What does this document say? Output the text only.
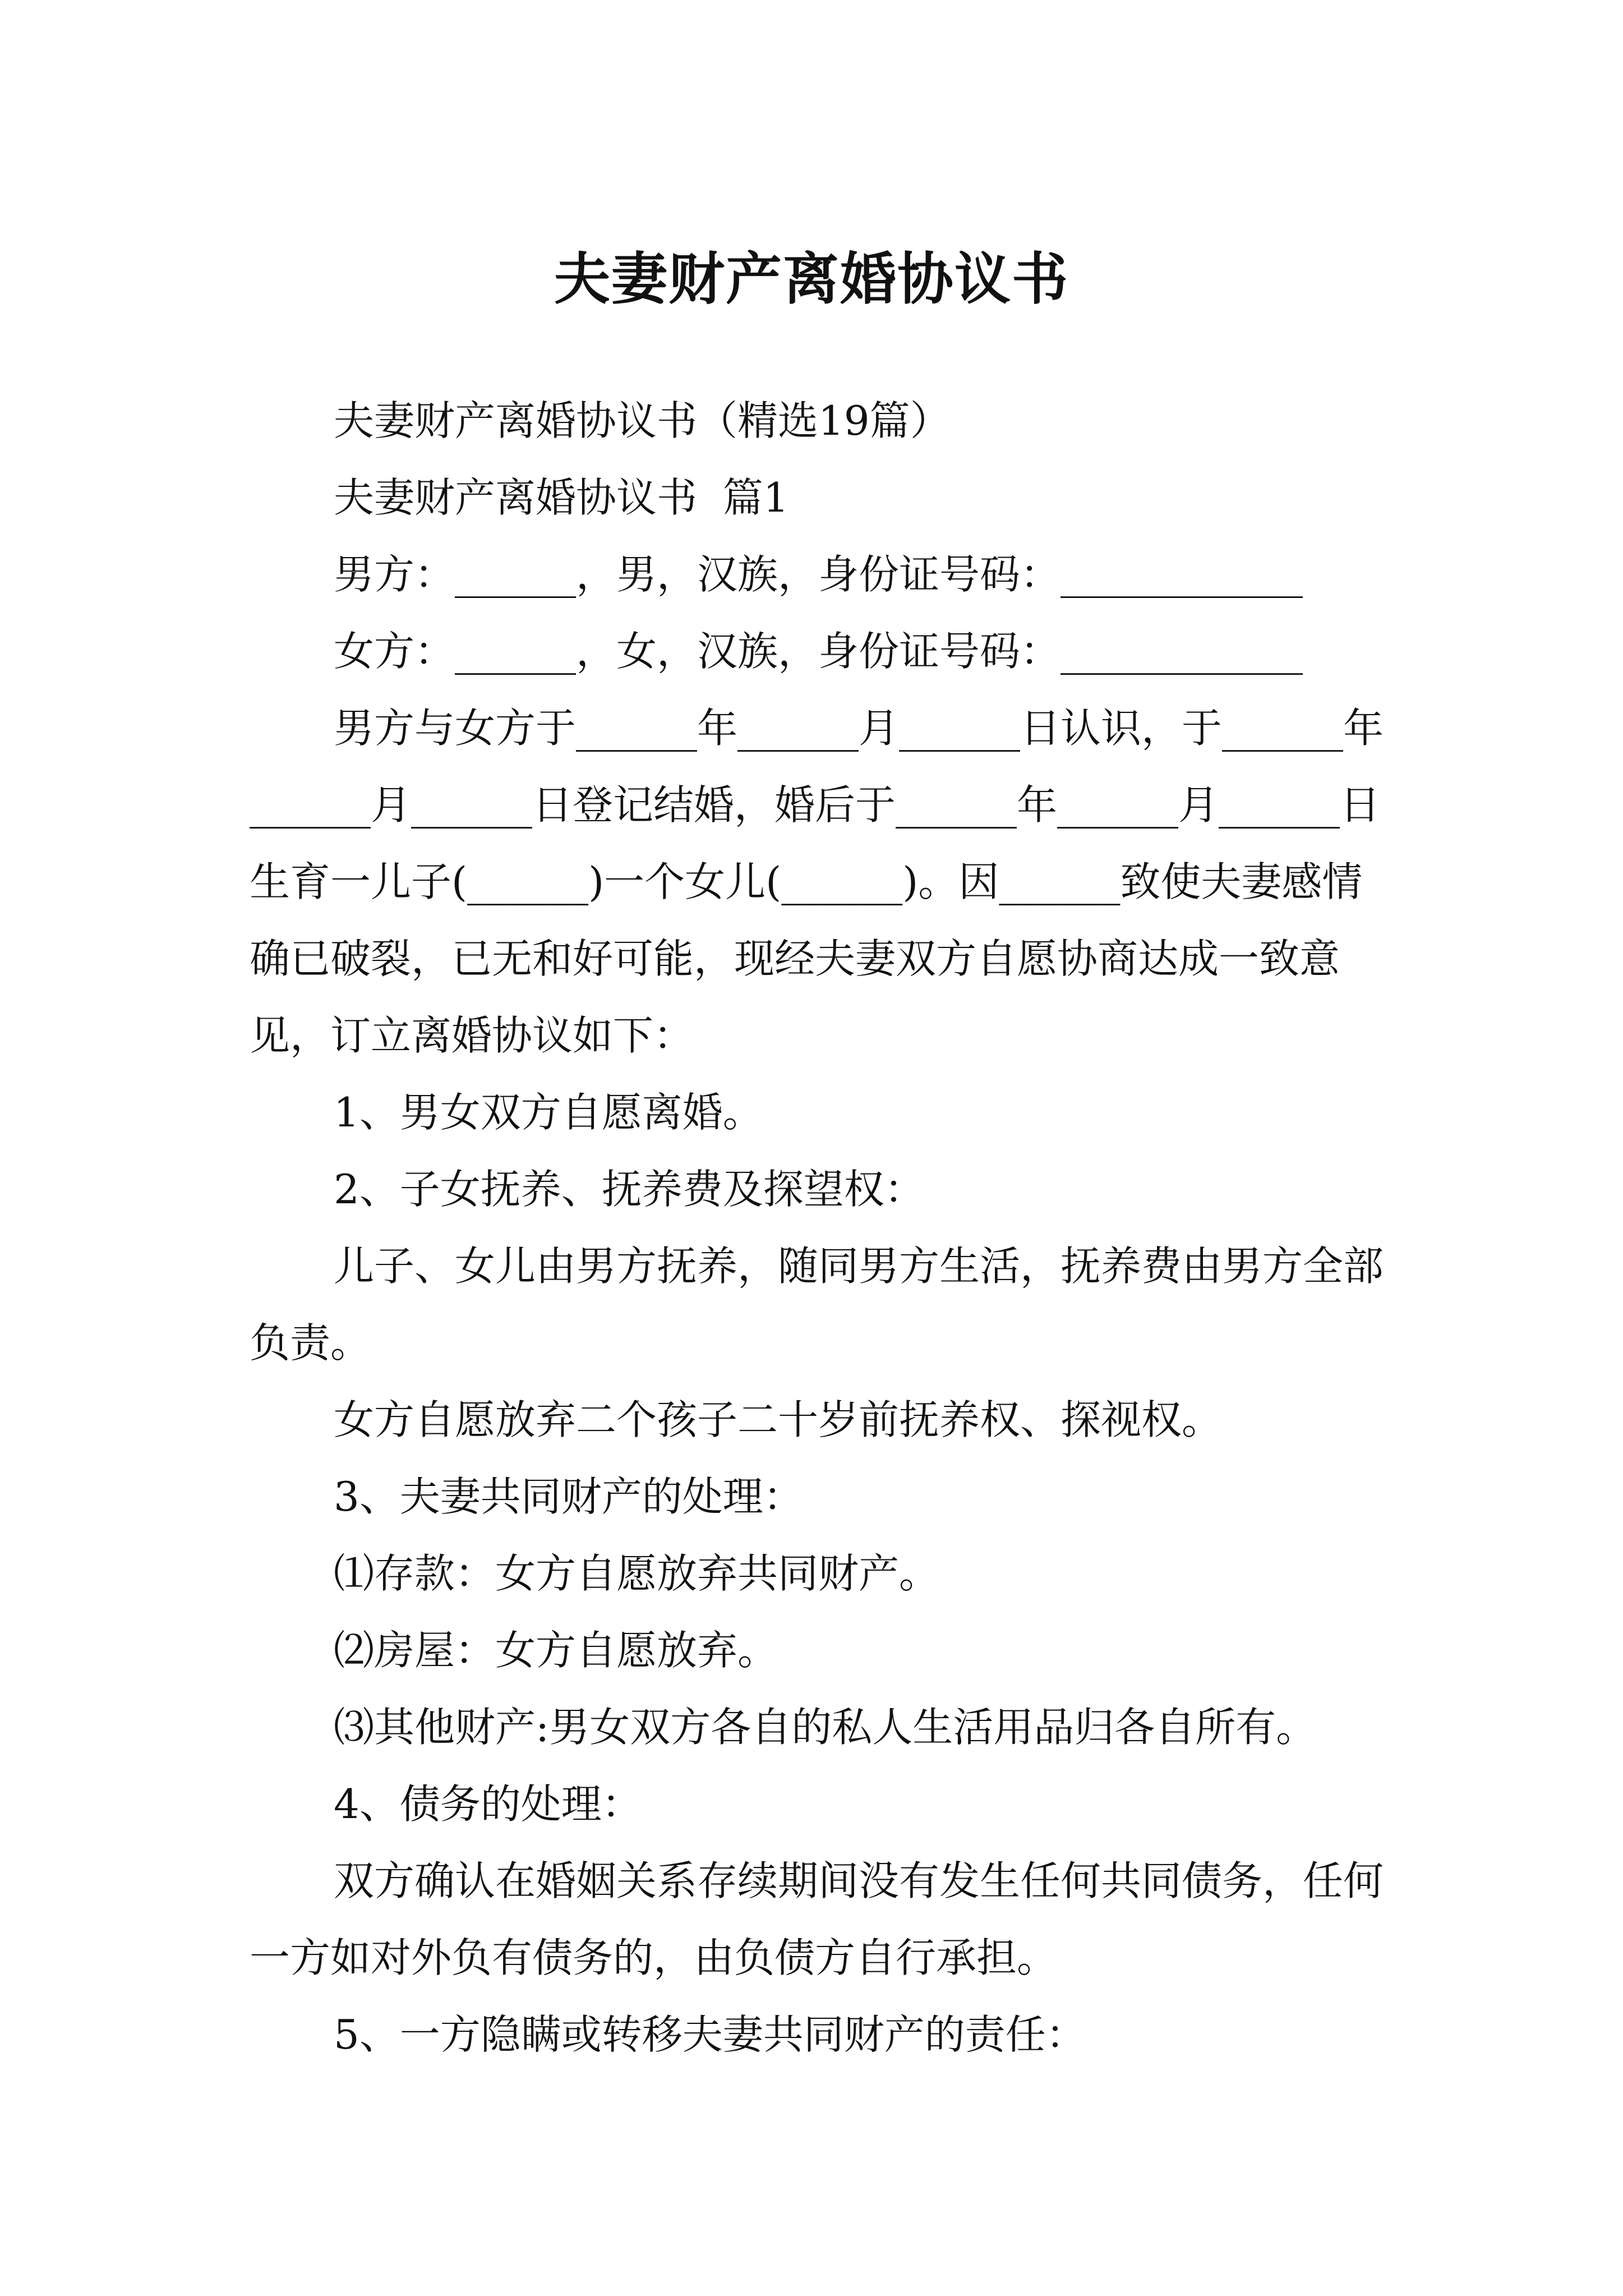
夫妻财产离婚协议书

夫妻财产离婚协议书（精选19篇）

夫妻财产离婚协议书  篇1

男方：______，男，汉族，身份证号码：____________

女方：______，女，汉族，身份证号码：____________

男方与女方于______年______月______日认识，于______年______月______日登记结婚，婚后于______年______月______日生育一儿子(______)一个女儿(______)。因______致使夫妻感情确已破裂，已无和好可能，现经夫妻双方自愿协商达成一致意见，订立离婚协议如下：

1、男女双方自愿离婚。

2、子女抚养、抚养费及探望权：

儿子、女儿由男方抚养，随同男方生活，抚养费由男方全部负责。

女方自愿放弃二个孩子二十岁前抚养权、探视权。

3、夫妻共同财产的处理：

⑴存款：女方自愿放弃共同财产。

⑵房屋：女方自愿放弃。

⑶其他财产:男女双方各自的私人生活用品归各自所有。

4、债务的处理：

双方确认在婚姻关系存续期间没有发生任何共同债务，任何一方如对外负有债务的，由负债方自行承担。

5、一方隐瞒或转移夫妻共同财产的责任：
